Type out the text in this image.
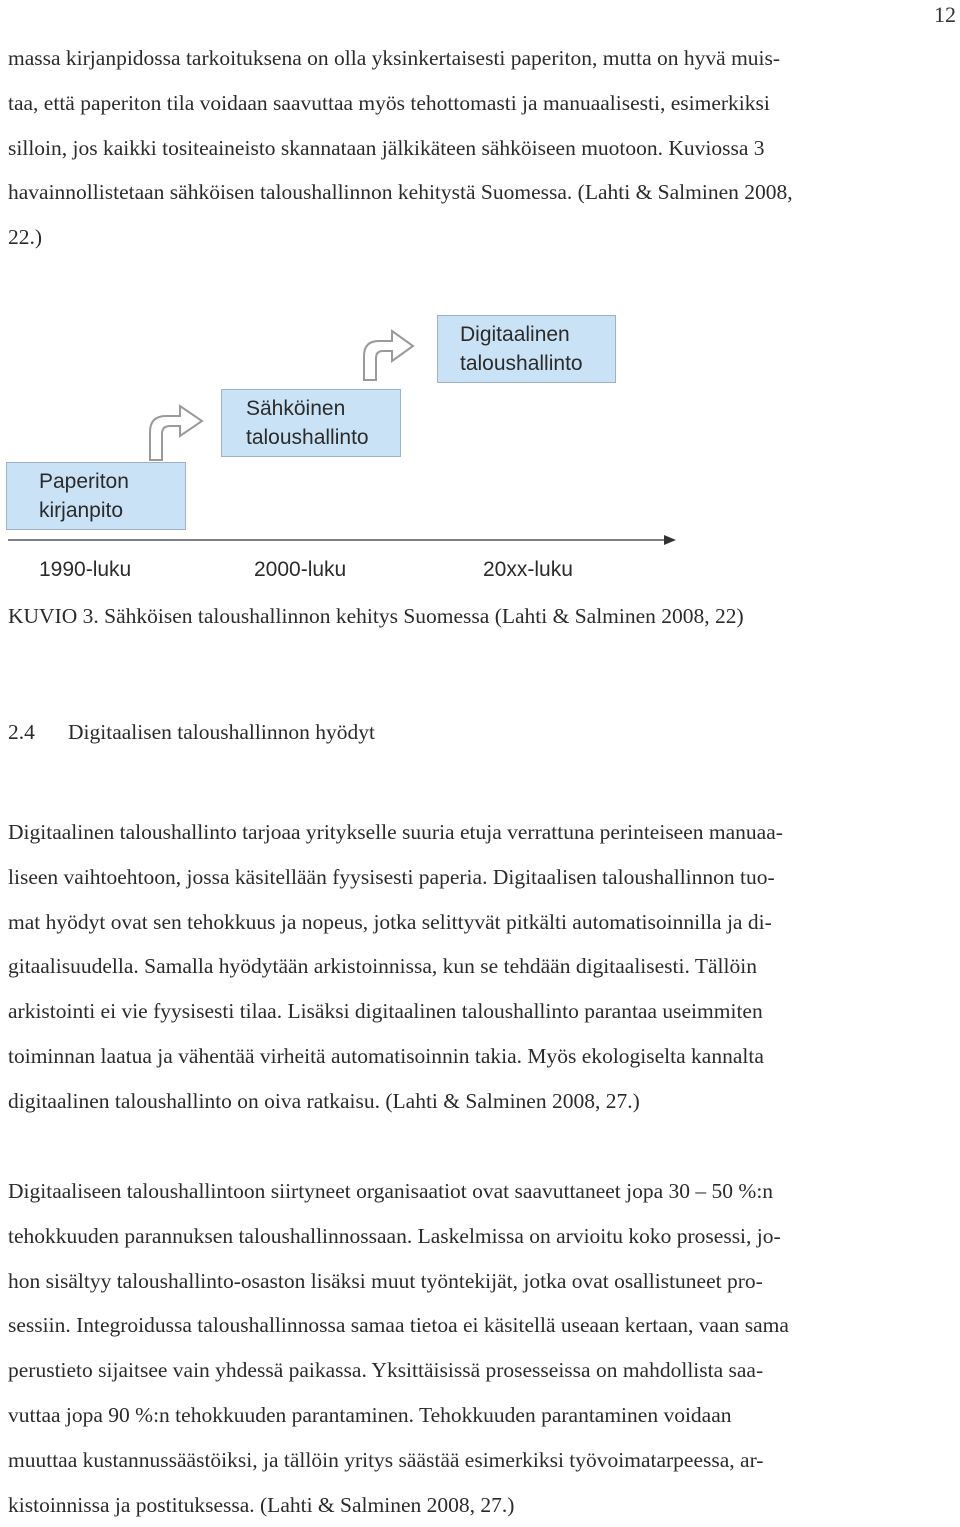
12

massa kirjanpidossa tarkoituksena on olla yksinkertaisesti paperiton, mutta on hyvä muis-
taa, että paperiton tila voidaan saavuttaa myös tehottomasti ja manuaalisesti, esimerkiksi
silloin, jos kaikki tositeaineisto skannataan jälkikäteen sähköiseen muotoon. Kuviossa 3
havainnollistetaan sähköisen taloushallinnon kehitystä Suomessa. (Lahti & Salminen 2008,
22.)

Paperiton
kirjanpito
Sähköinen
taloushallinto
Digitaalinen
taloushallinto
1990-luku	2000-luku	20xx-luku

KUVIO 3. Sähköisen taloushallinnon kehitys Suomessa (Lahti & Salminen 2008, 22)

2.4 Digitaalisen taloushallinnon hyödyt

Digitaalinen taloushallinto tarjoaa yritykselle suuria etuja verrattuna perinteiseen manuaa-
liseen vaihtoehtoon, jossa käsitellään fyysisesti paperia. Digitaalisen taloushallinnon tuo-
mat hyödyt ovat sen tehokkuus ja nopeus, jotka selittyvät pitkälti automatisoinnilla ja di-
gitaalisuudella. Samalla hyödytään arkistoinnissa, kun se tehdään digitaalisesti. Tällöin
arkistointi ei vie fyysisesti tilaa. Lisäksi digitaalinen taloushallinto parantaa useimmiten
toiminnan laatua ja vähentää virheitä automatisoinnin takia. Myös ekologiselta kannalta
digitaalinen taloushallinto on oiva ratkaisu. (Lahti & Salminen 2008, 27.)

Digitaaliseen taloushallintoon siirtyneet organisaatiot ovat saavuttaneet jopa 30 – 50 %:n
tehokkuuden parannuksen taloushallinnossaan. Laskelmissa on arvioitu koko prosessi, jo-
hon sisältyy taloushallinto-osaston lisäksi muut työntekijät, jotka ovat osallistuneet pro-
sessiin. Integroidussa taloushallinnossa samaa tietoa ei käsitellä useaan kertaan, vaan sama
perustieto sijaitsee vain yhdessä paikassa. Yksittäisissä prosesseissa on mahdollista saa-
vuttaa jopa 90 %:n tehokkuuden parantaminen. Tehokkuuden parantaminen voidaan
muuttaa kustannussäästöiksi, ja tällöin yritys säästää esimerkiksi työvoimatarpeessa, ar-
kistoinnissa ja postituksessa. (Lahti & Salminen 2008, 27.)
